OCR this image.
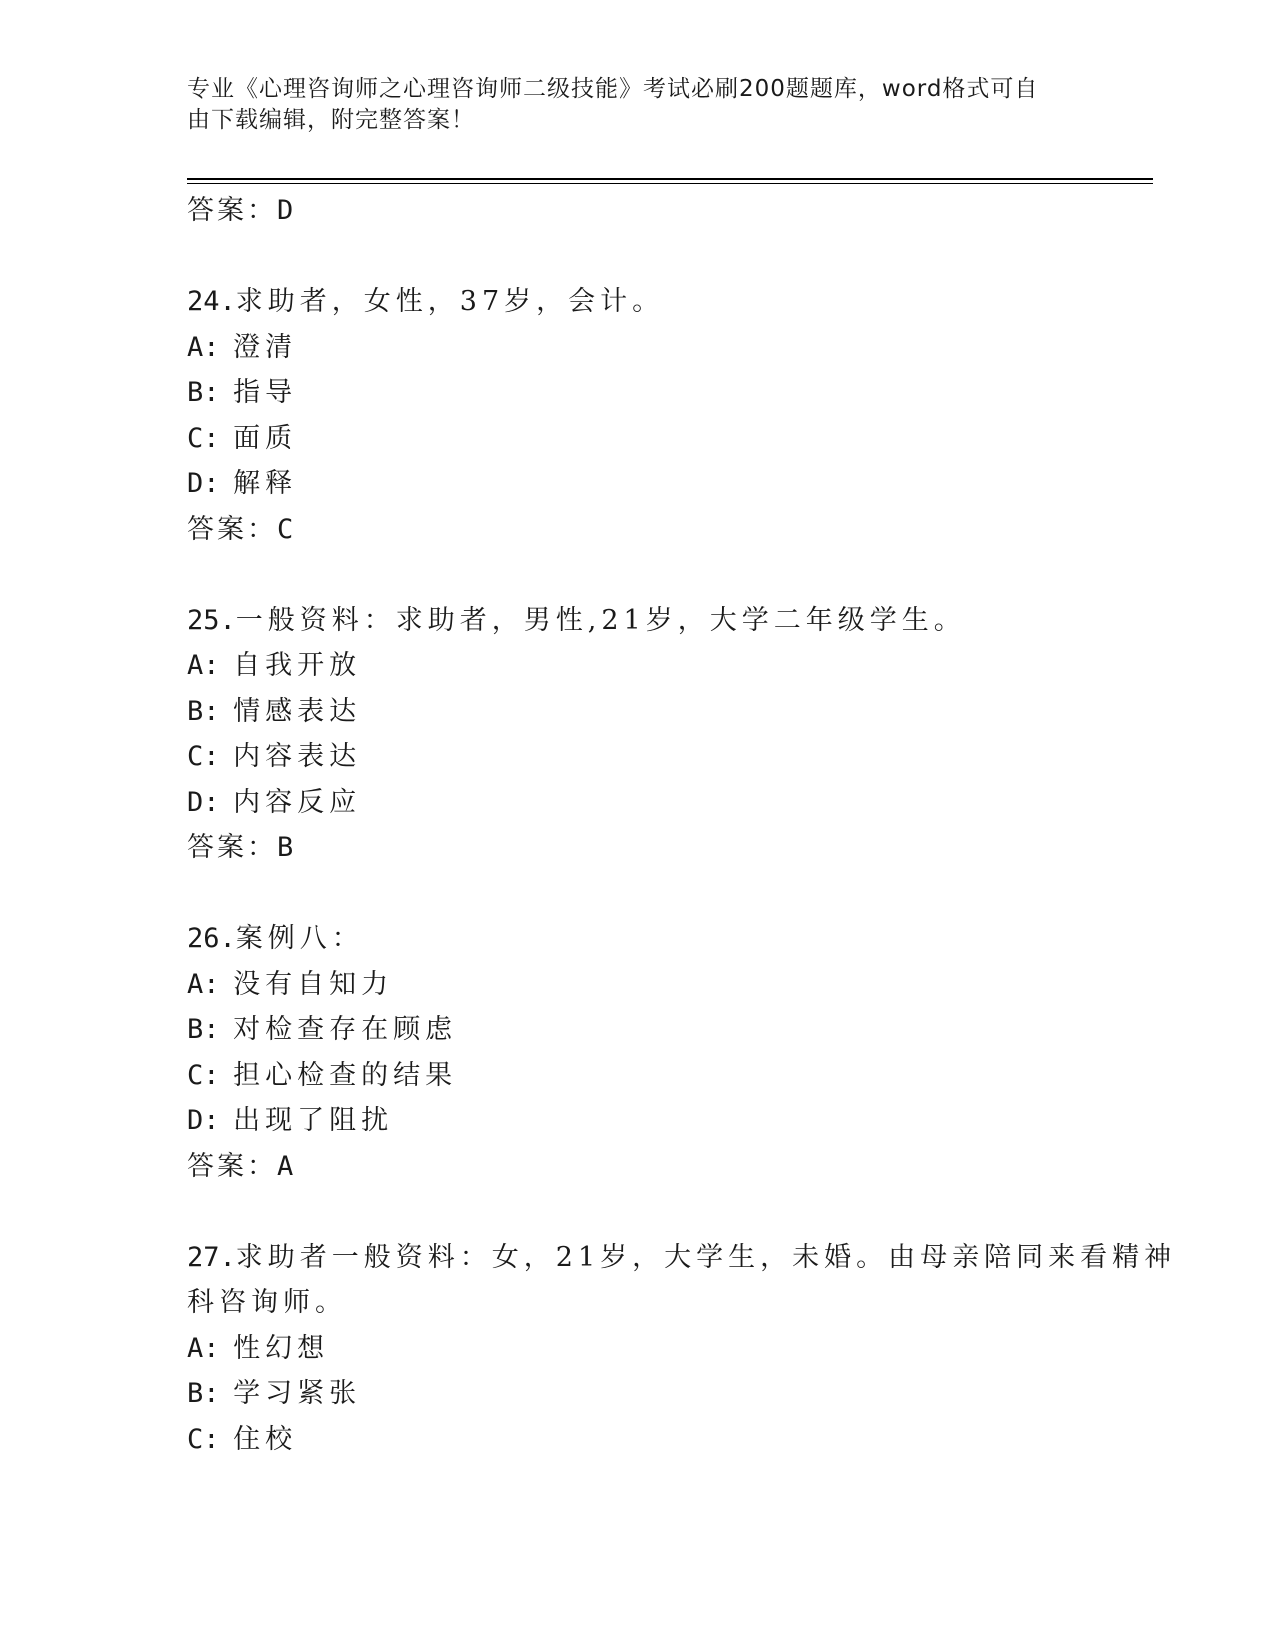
专业《心理咨询师之心理咨询师二级技能》考试必刷200题题库，word格式可自
由下载编辑，附完整答案！
答案：D
24.求助者，女性，37岁，会计。
A: 澄清
B: 指导
C: 面质
D: 解释
答案：C
25.一般资料：求助者，男性,21岁，大学二年级学生。
A: 自我开放
B: 情感表达
C: 内容表达
D: 内容反应
答案：B
26.案例八：
A: 没有自知力
B: 对检查存在顾虑
C: 担心检查的结果
D: 出现了阻扰
答案：A
27.求助者一般资料：女，21岁，大学生，未婚。由母亲陪同来看精神
科咨询师。
A: 性幻想
B: 学习紧张
C: 住校
